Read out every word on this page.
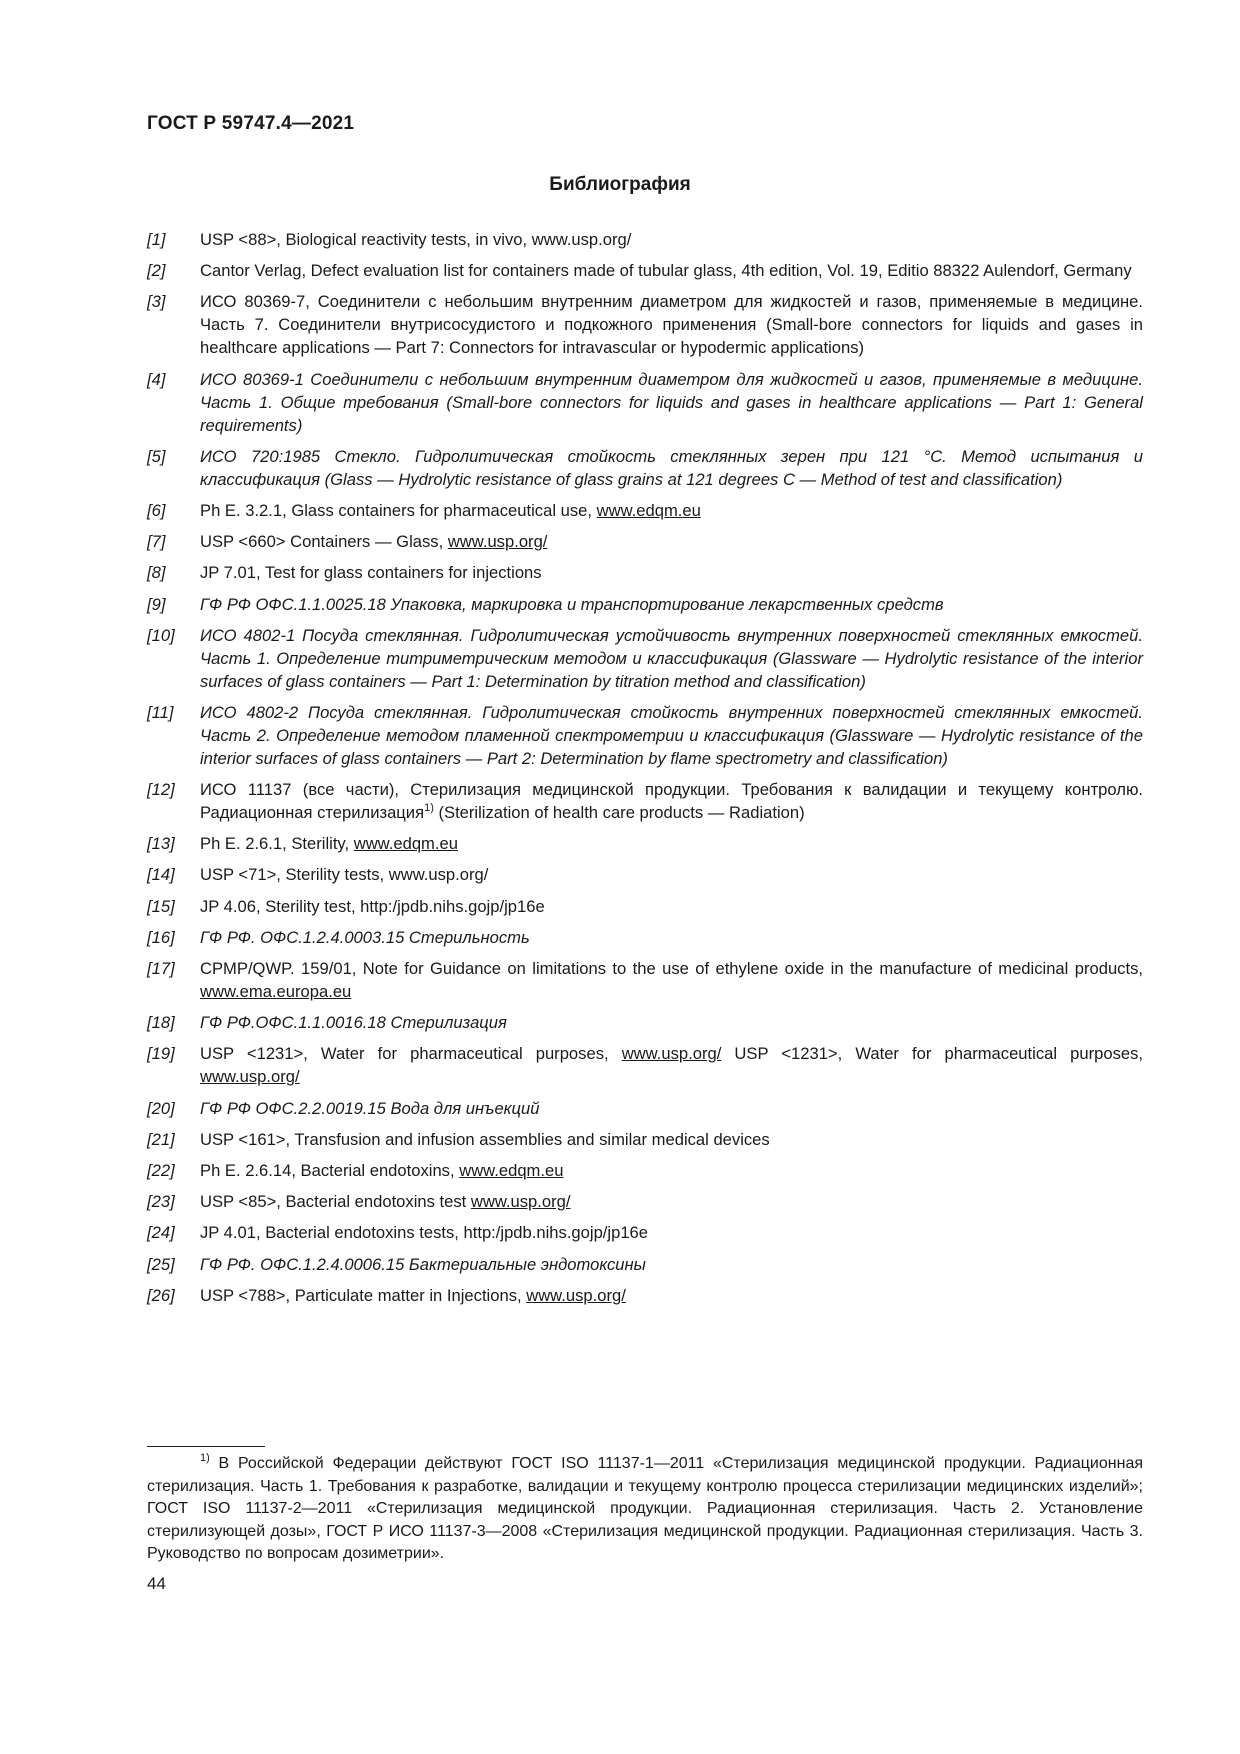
ГОСТ Р 59747.4—2021
Библиография
[1] USP <88>, Biological reactivity tests, in vivo, www.usp.org/
[2] Cantor Verlag, Defect evaluation list for containers made of tubular glass, 4th edition, Vol. 19, Editio 88322 Aulendorf, Germany
[3] ИСО 80369-7, Соединители с небольшим внутренним диаметром для жидкостей и газов, применяемые в медицине. Часть 7. Соединители внутрисосудистого и подкожного применения (Small-bore connectors for liquids and gases in healthcare applications — Part 7: Connectors for intravascular or hypodermic applications)
[4] ИСО 80369-1 Соединители с небольшим внутренним диаметром для жидкостей и газов, применяемые в медицине. Часть 1. Общие требования (Small-bore connectors for liquids and gases in healthcare applications — Part 1: General requirements)
[5] ИСО 720:1985 Стекло. Гидролитическая стойкость стеклянных зерен при 121 °С. Метод испытания и классификация (Glass — Hydrolytic resistance of glass grains at 121 degrees C — Method of test and classification)
[6] Ph E. 3.2.1, Glass containers for pharmaceutical use, www.edqm.eu
[7] USP <660> Containers — Glass, www.usp.org/
[8] JP 7.01, Test for glass containers for injections
[9] ГФ РФ ОФС.1.1.0025.18 Упаковка, маркировка и транспортирование лекарственных средств
[10] ИСО 4802-1 Посуда стеклянная. Гидролитическая устойчивость внутренних поверхностей стеклянных емкостей. Часть 1. Определение титриметрическим методом и классификация (Glassware — Hydrolytic resistance of the interior surfaces of glass containers — Part 1: Determination by titration method and classification)
[11] ИСО 4802-2 Посуда стеклянная. Гидролитическая стойкость внутренних поверхностей стеклянных емкостей. Часть 2. Определение методом пламенной спектрометрии и классификация (Glassware — Hydrolytic resistance of the interior surfaces of glass containers — Part 2: Determination by flame spectrometry and classification)
[12] ИСО 11137 (все части), Стерилизация медицинской продукции. Требования к валидации и текущему контролю. Радиационная стерилизация$^{1)}$ (Sterilization of health care products — Radiation)
[13] Ph E. 2.6.1, Sterility, www.edqm.eu
[14] USP <71>, Sterility tests, www.usp.org/
[15] JP 4.06, Sterility test, http:/jpdb.nihs.gojp/jp16e
[16] ГФ РФ. ОФС.1.2.4.0003.15 Стерильность
[17] CPMP/QWP. 159/01, Note for Guidance on limitations to the use of ethylene oxide in the manufacture of medicinal products, www.ema.europa.eu
[18] ГФ РФ.ОФС.1.1.0016.18 Стерилизация
[19] USP <1231>, Water for pharmaceutical purposes, www.usp.org/ USP <1231>, Water for pharmaceutical purposes, www.usp.org/
[20] ГФ РФ ОФС.2.2.0019.15 Вода для инъекций
[21] USP <161>, Transfusion and infusion assemblies and similar medical devices
[22] Ph E. 2.6.14, Bacterial endotoxins, www.edqm.eu
[23] USP <85>, Bacterial endotoxins test www.usp.org/
[24] JP 4.01, Bacterial endotoxins tests, http:/jpdb.nihs.gojp/jp16e
[25] ГФ РФ. ОФС.1.2.4.0006.15 Бактериальные эндотоксины
[26] USP <788>, Particulate matter in Injections, www.usp.org/
$^{1)}$ В Российской Федерации действуют ГОСТ ISO 11137-1—2011 «Стерилизация медицинской продукции. Радиационная стерилизация. Часть 1. Требования к разработке, валидации и текущему контролю процесса стерилизации медицинских изделий»; ГОСТ ISO 11137-2—2011 «Стерилизация медицинской продукции. Радиационная стерилизация. Часть 2. Установление стерилизующей дозы», ГОСТ Р ИСО 11137-3—2008 «Стерилизация медицинской продукции. Радиационная стерилизация. Часть 3. Руководство по вопросам дозиметрии».
44
